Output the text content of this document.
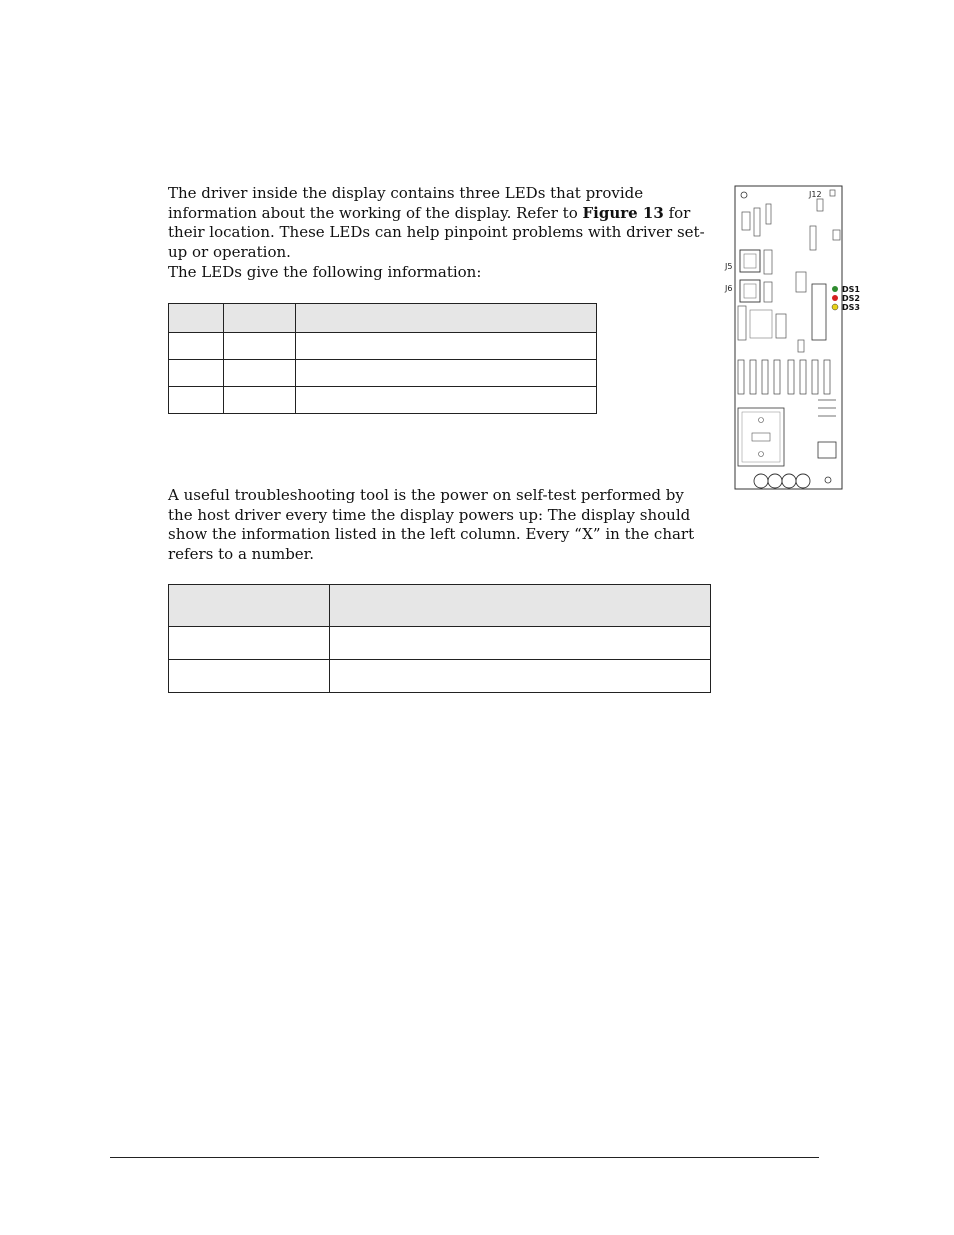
The driver inside the display contains three LEDs that provide information about the working of the display. Refer to Figure 13 for their location. These LEDs can help pinpoint problems with driver set-up or operation.

The LEDs give the following information:

A useful troubleshooting tool is the power on self-test performed by the host driver every time the display powers up: The display should show the information listed in the left column. Every “X” in the chart refers to a number.

J12
J5
J6	DS1
DS2
DS3
